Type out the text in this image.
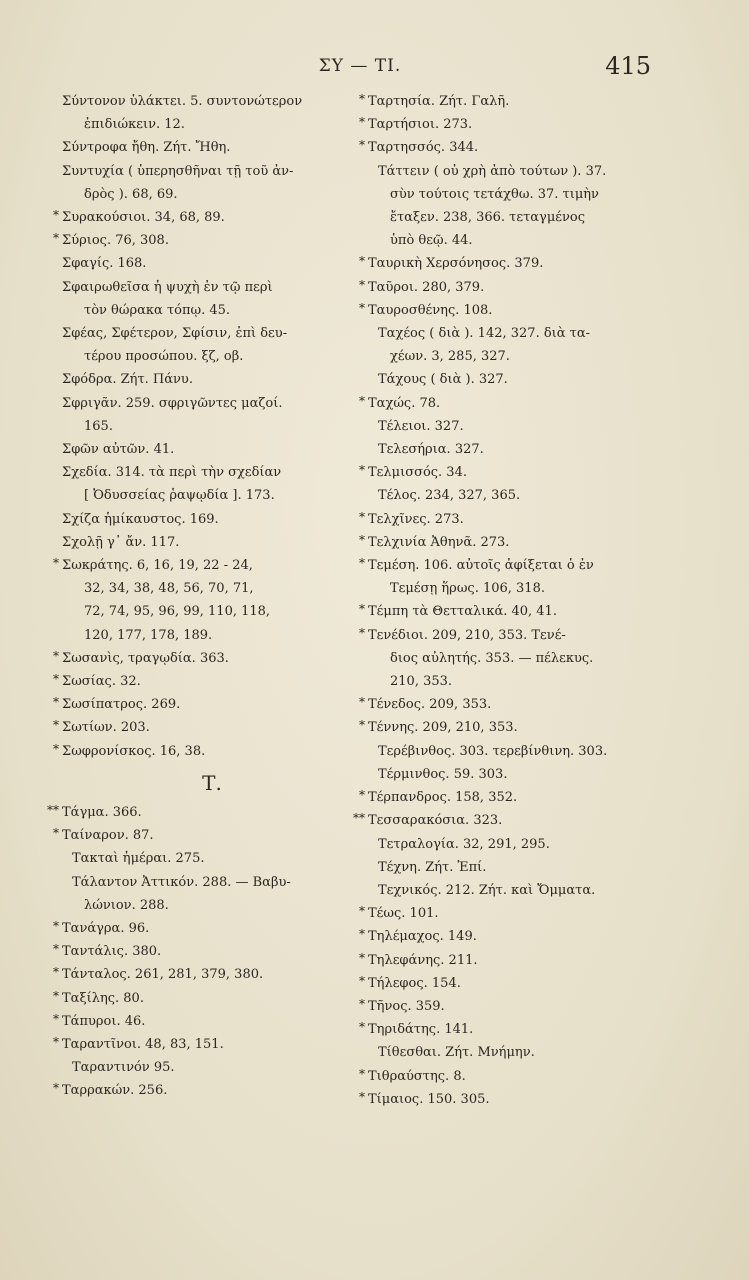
ΣΥ — ΤΙ.	415
Σύντονον ὑλάκτει. 5. συντονώτερον
ἐπιδιώκειν. 12.
Σύντροφα ἤθη. Ζήτ. Ἤθη.
Συντυχία ( ὑπερησθῆναι τῇ τοῦ ἀν-
δρὸς ). 68, 69.
* Συρακούσιοι. 34, 68, 89.
* Σύριος. 76, 308.
Σφαγίς. 168.
Σφαιρωθεῖσα ἡ ψυχὴ ἐν τῷ περὶ
τὸν θώρακα τόπῳ. 45.
Σφέας, Σφέτερον, Σφίσιν, ἐπὶ δευ-
τέρου προσώπου. ξζ, οβ.
Σφόδρα. Ζήτ. Πάνυ.
Σφριγᾶν. 259. σφριγῶντες μαζοί.
165.
Σφῶν αὐτῶν. 41.
Σχεδία. 314. τὰ περὶ τὴν σχεδίαν
[ Ὀδυσσείας ῥαψῳδία ]. 173.
Σχίζα ἡμίκαυστος. 169.
Σχολῇ γ᾽ ἄν. 117.
* Σωκράτης. 6, 16, 19, 22 - 24,
32, 34, 38, 48, 56, 70, 71,
72, 74, 95, 96, 99, 110, 118,
120, 177, 178, 189.
* Σωσανὶς, τραγῳδία. 363.
* Σωσίας. 32.
* Σωσίπατρος. 269.
* Σωτίων. 203.
* Σωφρονίσκος. 16, 38.
Τ.
** Τάγμα. 366.
* Ταίναρον. 87.
Τακταὶ ἡμέραι. 275.
Τάλαντον Ἀττικόν. 288. — Βαβυ-
λώνιον. 288.
* Τανάγρα. 96.
* Ταντάλις. 380.
* Τάνταλος. 261, 281, 379, 380.
* Ταξίλης. 80.
* Τάπυροι. 46.
* Ταραντῖνοι. 48, 83, 151.
Ταραντινόν 95.
* Ταρρακών. 256.
* Ταρτησία. Ζήτ. Γαλῆ.
* Ταρτήσιοι. 273.
* Ταρτησσός. 344.
Τάττειν ( οὐ χρὴ ἀπὸ τούτων ). 37.
σὺν τούτοις τετάχθω. 37. τιμὴν
ἔταξεν. 238, 366. τεταγμένος
ὑπὸ θεῷ. 44.
* Ταυρικὴ Χερσόνησος. 379.
* Ταῦροι. 280, 379.
* Ταυροσθένης. 108.
Ταχέος ( διὰ ). 142, 327. διὰ τα-
χέων. 3, 285, 327.
Τάχους ( διὰ ). 327.
* Ταχώς. 78.
Τέλειοι. 327.
Τελεσήρια. 327.
* Τελμισσός. 34.
Τέλος. 234, 327, 365.
* Τελχῖνες. 273.
* Τελχινία Ἀθηνᾶ. 273.
* Τεμέση. 106. αὐτοῖς ἀφίξεται ὁ ἐν
Τεμέσῃ ἥρως. 106, 318.
* Τέμπη τὰ Θετταλικά. 40, 41.
* Τενέδιοι. 209, 210, 353. Τενέ-
διος αὐλητής. 353. — πέλεκυς.
210, 353.
* Τένεδος. 209, 353.
* Τέννης. 209, 210, 353.
Τερέβινθος. 303. τερεβίνθινη. 303.
Τέρμινθος. 59. 303.
* Τέρπανδρος. 158, 352.
** Τεσσαρακόσια. 323.
Τετραλογία. 32, 291, 295.
Τέχνη. Ζήτ. Ἐπί.
Τεχνικός. 212. Ζήτ. καὶ Ὄμματα.
* Τέως. 101.
* Τηλέμαχος. 149.
* Τηλεφάνης. 211.
* Τήλεφος. 154.
* Τῆνος. 359.
* Τηριδάτης. 141.
Τίθεσθαι. Ζήτ. Μνήμην.
* Τιθραύστης. 8.
* Τίμαιος. 150. 305.
